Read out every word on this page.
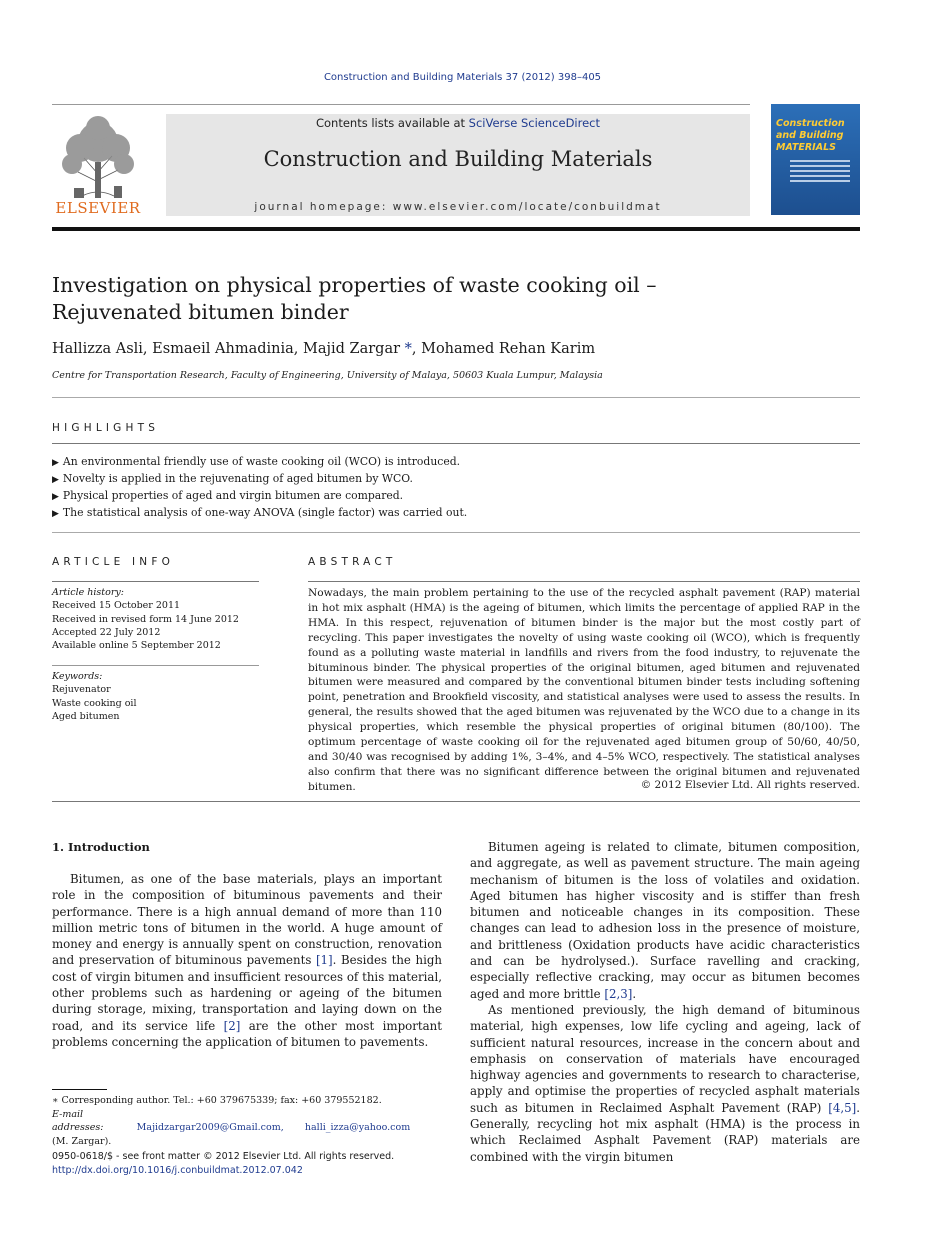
Construction and Building Materials 37 (2012) 398–405
ELSEVIER
Contents lists available at SciVerse ScienceDirect
Construction and Building Materials
journal homepage: www.elsevier.com/locate/conbuildmat
Construction and Building MATERIALS
Investigation on physical properties of waste cooking oil – Rejuvenated bitumen binder
Hallizza Asli, Esmaeil Ahmadinia, Majid Zargar *, Mohamed Rehan Karim
Centre for Transportation Research, Faculty of Engineering, University of Malaya, 50603 Kuala Lumpur, Malaysia
HIGHLIGHTS
▶ An environmental friendly use of waste cooking oil (WCO) is introduced.
▶ Novelty is applied in the rejuvenating of aged bitumen by WCO.
▶ Physical properties of aged and virgin bitumen are compared.
▶ The statistical analysis of one-way ANOVA (single factor) was carried out.
ARTICLE INFO
Article history:
Received 15 October 2011
Received in revised form 14 June 2012
Accepted 22 July 2012
Available online 5 September 2012
Keywords:
Rejuvenator
Waste cooking oil
Aged bitumen
ABSTRACT
Nowadays, the main problem pertaining to the use of the recycled asphalt pavement (RAP) material in hot mix asphalt (HMA) is the ageing of bitumen, which limits the percentage of applied RAP in the HMA. In this respect, rejuvenation of bitumen binder is the major but the most costly part of recycling. This paper investigates the novelty of using waste cooking oil (WCO), which is frequently found as a polluting waste material in landfills and rivers from the food industry, to rejuvenate the bituminous binder. The physical properties of the original bitumen, aged bitumen and rejuvenated bitumen were measured and compared by the conventional bitumen binder tests including softening point, penetration and Brookfield viscosity, and statistical analyses were used to assess the results. In general, the results showed that the aged bitumen was rejuvenated by the WCO due to a change in its physical properties, which resemble the physical properties of original bitumen (80/100). The optimum percentage of waste cooking oil for the rejuvenated aged bitumen group of 50/60, 40/50, and 30/40 was recognised by adding 1%, 3–4%, and 4–5% WCO, respectively. The statistical analyses also confirm that there was no significant difference between the original bitumen and rejuvenated bitumen.	© 2012 Elsevier Ltd. All rights reserved.
1. Introduction

Bitumen, as one of the base materials, plays an important role in the composition of bituminous pavements and their performance. There is a high annual demand of more than 110 million metric tons of bitumen in the world. A huge amount of money and energy is annually spent on construction, renovation and preservation of bituminous pavements [1]. Besides the high cost of virgin bitumen and insufficient resources of this material, other problems such as hardening or ageing of the bitumen during storage, mixing, transportation and laying down on the road, and its service life [2] are the other most important problems concerning the application of bitumen to pavements.

Bitumen ageing is related to climate, bitumen composition, and aggregate, as well as pavement structure. The main ageing mechanism of bitumen is the loss of volatiles and oxidation. Aged bitumen has higher viscosity and is stiffer than fresh bitumen and noticeable changes in its composition. These changes can lead to adhesion loss in the presence of moisture, and brittleness (Oxidation products have acidic characteristics and can be hydrolysed.). Surface ravelling and cracking, especially reflective cracking, may occur as bitumen becomes aged and more brittle [2,3].

As mentioned previously, the high demand of bituminous material, high expenses, low life cycling and ageing, lack of sufficient natural resources, increase in the concern about and emphasis on conservation of materials have encouraged highway agencies and governments to research to characterise, apply and optimise the properties of recycled asphalt materials such as bitumen in Reclaimed Asphalt Pavement (RAP) [4,5]. Generally, recycling hot mix asphalt (HMA) is the process in which Reclaimed Asphalt Pavement (RAP) materials are combined with the virgin bitumen

∗ Corresponding author. Tel.: +60 379675339; fax: +60 379552182.
E-mail addresses:	Majidzargar2009@Gmail.com, halli_izza@yahoo.com
(M. Zargar).
0950-0618/$ - see front matter © 2012 Elsevier Ltd. All rights reserved.
http://dx.doi.org/10.1016/j.conbuildmat.2012.07.042
